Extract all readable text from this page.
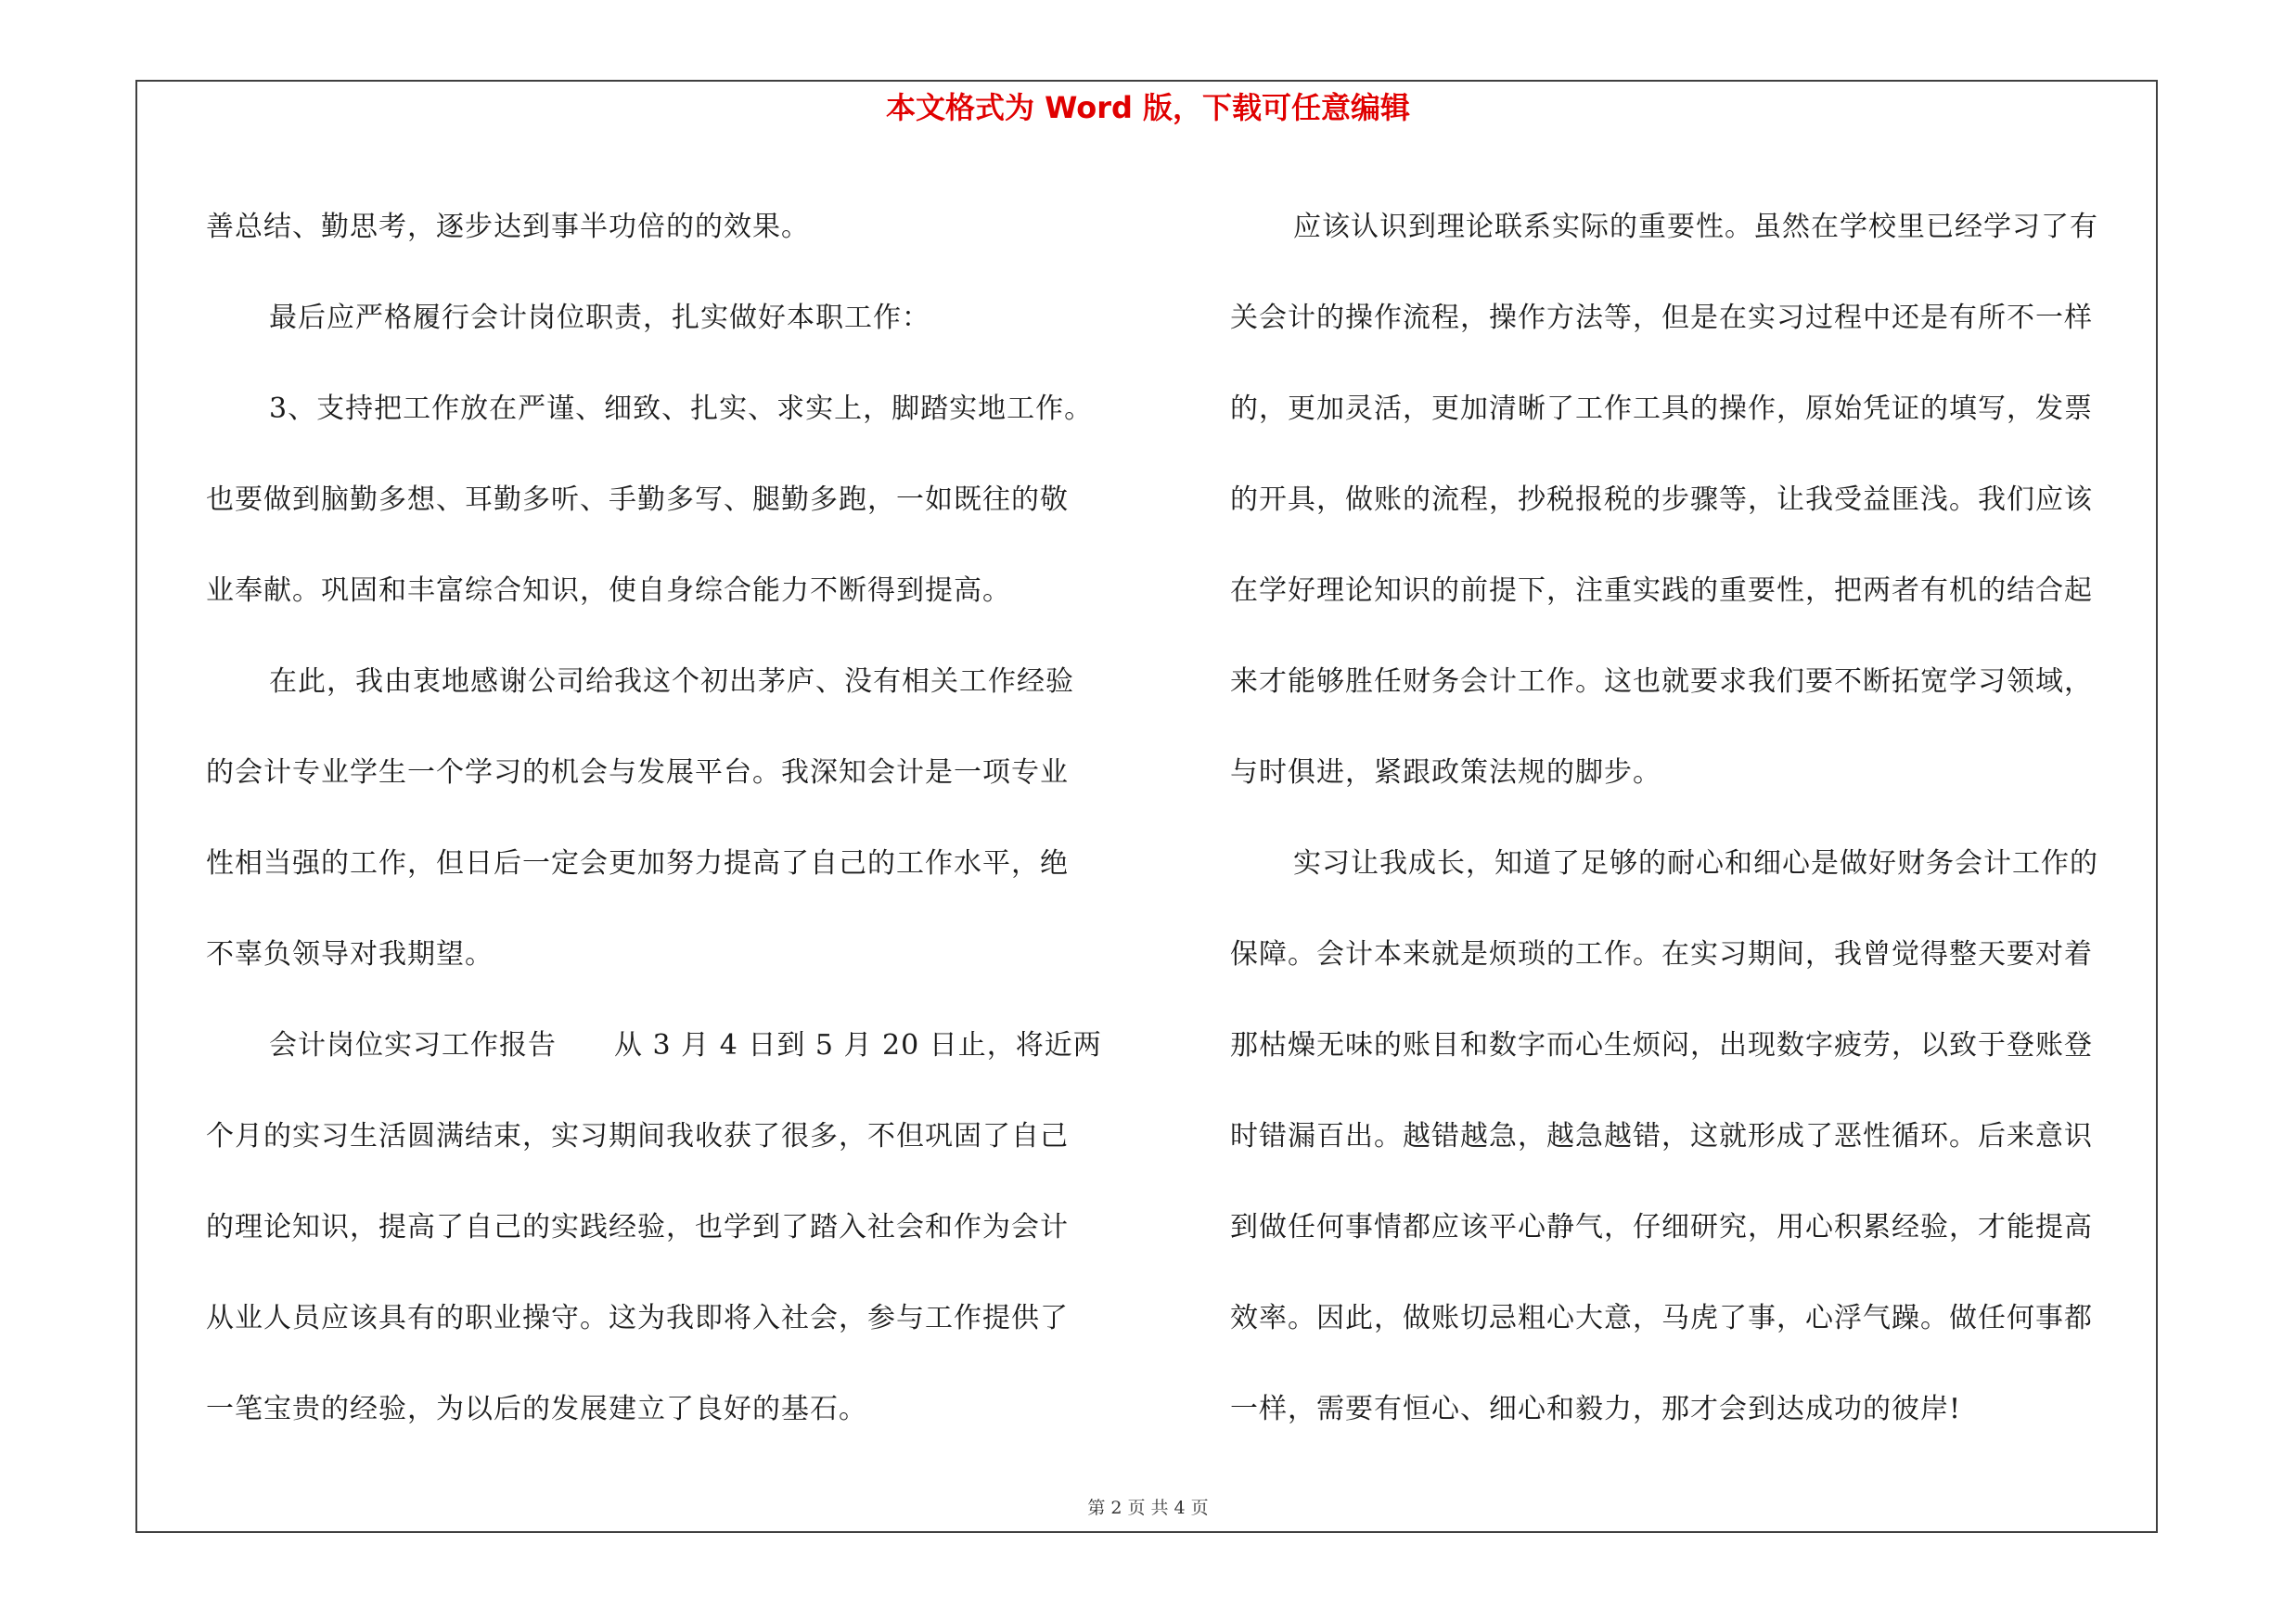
本文格式为 Word 版，下载可任意编辑
善总结、勤思考，逐步达到事半功倍的的效果。
最后应严格履行会计岗位职责，扎实做好本职工作：
3、支持把工作放在严谨、细致、扎实、求实上，脚踏实地工作。
也要做到脑勤多想、耳勤多听、手勤多写、腿勤多跑，一如既往的敬
业奉献。巩固和丰富综合知识，使自身综合能力不断得到提高。
在此，我由衷地感谢公司给我这个初出茅庐、没有相关工作经验
的会计专业学生一个学习的机会与发展平台。我深知会计是一项专业
性相当强的工作，但日后一定会更加努力提高了自己的工作水平，绝
不辜负领导对我期望。
会计岗位实习工作报告　　从 3 月 4 日到 5 月 20 日止，将近两
个月的实习生活圆满结束，实习期间我收获了很多，不但巩固了自己
的理论知识，提高了自己的实践经验，也学到了踏入社会和作为会计
从业人员应该具有的职业操守。这为我即将入社会，参与工作提供了
一笔宝贵的经验，为以后的发展建立了良好的基石。
应该认识到理论联系实际的重要性。虽然在学校里已经学习了有
关会计的操作流程，操作方法等，但是在实习过程中还是有所不一样
的，更加灵活，更加清晰了工作工具的操作，原始凭证的填写，发票
的开具，做账的流程，抄税报税的步骤等，让我受益匪浅。我们应该
在学好理论知识的前提下，注重实践的重要性，把两者有机的结合起
来才能够胜任财务会计工作。这也就要求我们要不断拓宽学习领域，
与时俱进，紧跟政策法规的脚步。
实习让我成长，知道了足够的耐心和细心是做好财务会计工作的
保障。会计本来就是烦琐的工作。在实习期间，我曾觉得整天要对着
那枯燥无味的账目和数字而心生烦闷，出现数字疲劳，以致于登账登
时错漏百出。越错越急，越急越错，这就形成了恶性循环。后来意识
到做任何事情都应该平心静气，仔细研究，用心积累经验，才能提高
效率。因此，做账切忌粗心大意，马虎了事，心浮气躁。做任何事都
一样，需要有恒心、细心和毅力，那才会到达成功的彼岸!
第 2 页 共 4 页
